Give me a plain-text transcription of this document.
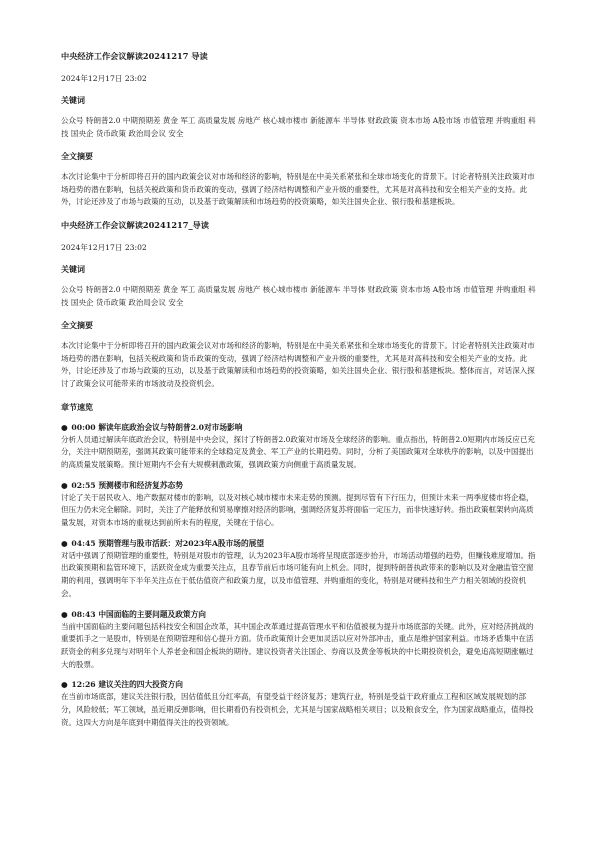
中央经济工作会议解读20241217 导读

2024年12月17日 23:02

关键词

公众号 特朗普2.0 中期预期差 黄金 军工 高质量发展 房地产 核心城市楼市 新能源车 半导体 财政政策 资本市场 A股市场 市值管理 并购重组 科技 国央企 货币政策 政治局会议 安全

全文摘要

本次讨论集中于分析即将召开的国内政策会议对市场和经济的影响，特别是在中美关系紧张和全球市场变化的背景下。讨论者特别关注政策对市场趋势的潜在影响，包括关税政策和货币政策的变动，强调了经济结构调整和产业升级的重要性，尤其是对高科技和安全相关产业的支持。此外，讨论还涉及了市场与政策的互动，以及基于政策解读和市场趋势的投资策略，如关注国央企业、银行股和基建板块。

中央经济工作会议解读20241217_导读

2024年12月17日 23:02

关键词

公众号 特朗普2.0 中期预期差 黄金 军工 高质量发展 房地产 核心城市楼市 新能源车 半导体 财政政策 资本市场 A股市场 市值管理 并购重组 科技 国央企 货币政策 政治局会议 安全

全文摘要

本次讨论集中于分析即将召开的国内政策会议对市场和经济的影响，特别是在中美关系紧张和全球市场变化的背景下。讨论者特别关注政策对市场趋势的潜在影响，包括关税政策和货币政策的变动，强调了经济结构调整和产业升级的重要性，尤其是对高科技和安全相关产业的支持。此外，讨论还涉及了市场与政策的互动，以及基于政策解读和市场趋势的投资策略，如关注国央企业、银行股和基建板块。整体而言，对话深入探讨了政策会议可能带来的市场波动及投资机会。

章节速览

● 00:00 解读年底政治会议与特朗普2.0对市场影响

分析人员通过解读年底政治会议，特别是中央会议，探讨了特朗普2.0政策对市场及全球经济的影响。重点指出，特朗普2.0短期内市场反应已充分，关注中期预期差，强调其政策可能带来的全球稳定及黄金、军工产业的长期趋势。同时，分析了美国政策对全球秩序的影响，以及中国提出的高质量发展策略。预计短期内不会有大规模刺激政策，强调政策方向侧重于高质量发展。

● 02:55 预测楼市和经济复苏态势

讨论了关于居民收入、地产数据对楼市的影响，以及对核心城市楼市未来走势的预测。提到尽管有下行压力，但预计未来一两季度楼市将企稳，但压力仍未完全解除。同时，关注了产能释放和贸易摩擦对经济的影响，强调经济复苏将面临一定压力，而非快速好转。指出政策框架转向高质量发展，对资本市场的重视达到前所未有的程度，关键在于信心。

● 04:45 预期管理与股市活跃：对2023年A股市场的展望

对话中强调了预期管理的重要性，特别是对股市的管理，认为2023年A股市场将呈现底部逐步抬升，市场活动增强的趋势，但赚钱难度增加。指出政策预期和监管环境下，活跃资金成为重要关注点，且春节前后市场可能有向上机会。同时，提到特朗普执政带来的影响以及对金融监管空窗期的利用，强调明年下半年关注点在于低估值资产和政策力度，以及市值管理、并购重组的变化，特别是对硬科技和生产力相关领域的投资机会。

● 08:43 中国面临的主要问题及政策方向

当前中国面临的主要问题包括科技安全和国企改革，其中国企改革通过提高管理水平和估值被视为提升市场底部的关键。此外，应对经济挑战的重要抓手之一是股市，特别是在预期管理和信心提升方面。货币政策预计会更加灵活以应对外部冲击，重点是维护国家利益。市场矛盾集中在活跃资金的利多兑现与对明年个人养老金和国企板块的期待。建议投资者关注国企、券商以及黄金等板块的中长期投资机会，避免追高短期涨幅过大的股票。

● 12:26 建议关注的四大投资方向

在当前市场底部，建议关注银行股，因估值低且分红率高，有望受益于经济复苏；建筑行业，特别是受益于政府重点工程和区域发展规划的部分，风险较低；军工领域，虽近期反弹影响，但长期看仍有投资机会，尤其是与国家战略相关项目；以及粮食安全，作为国家战略重点，值得投资。这四大方向是年底到中期值得关注的投资领域。
